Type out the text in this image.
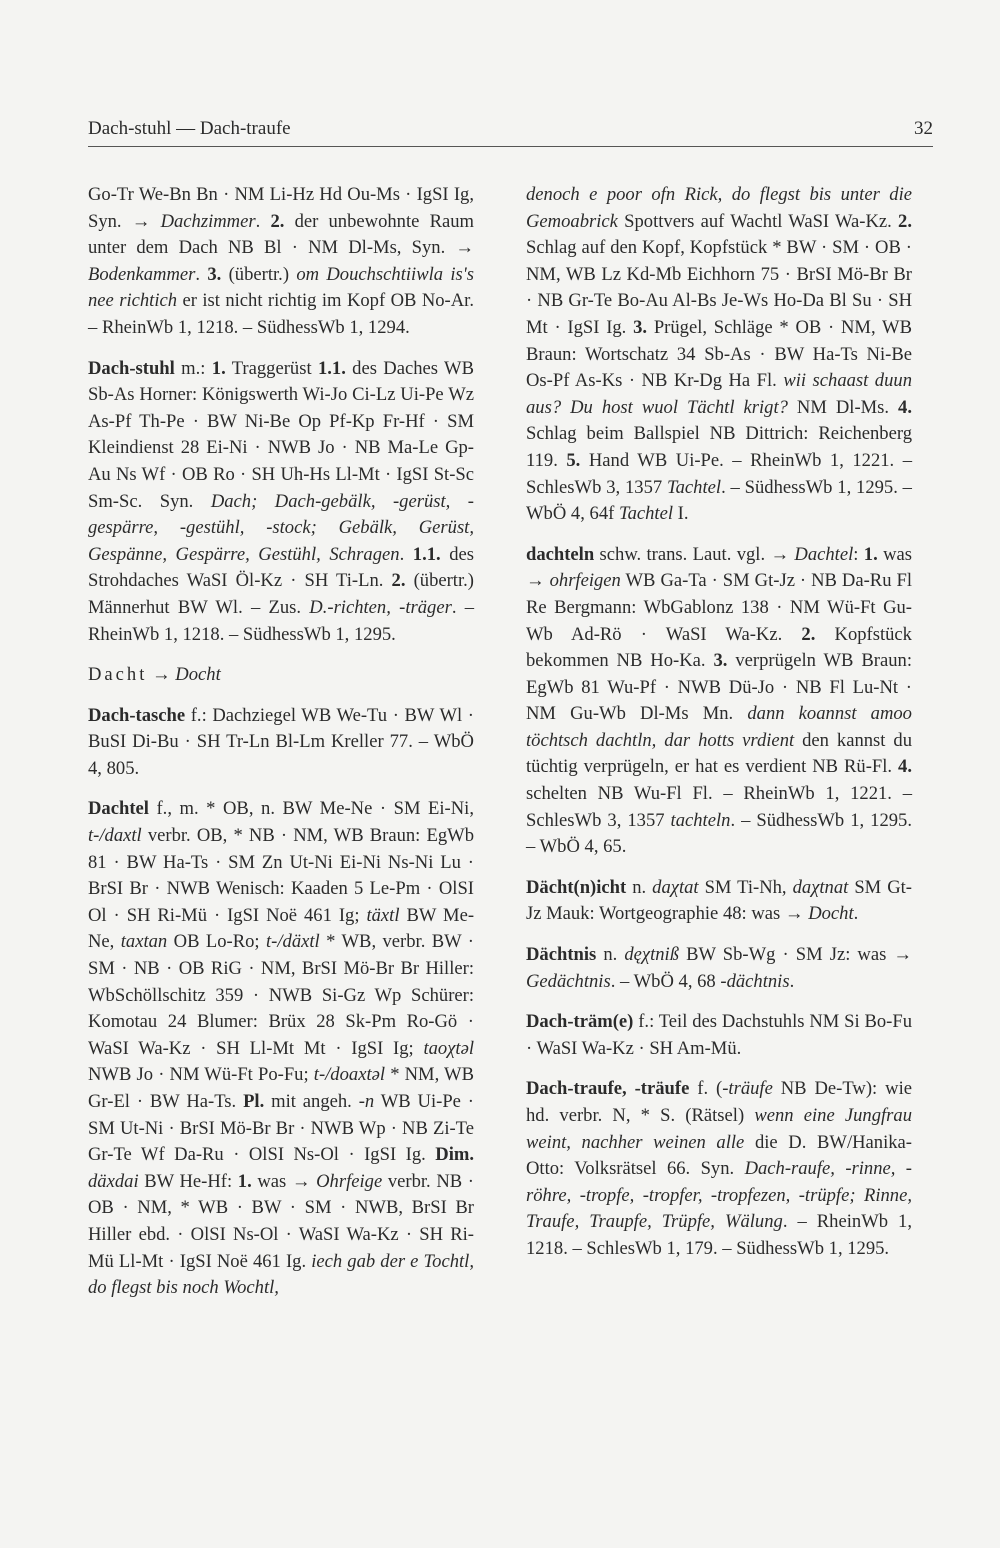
Dach-stuhl — Dach-traufe	32
Go-Tr We-Bn Bn · NM Li-Hz Hd Ou-Ms · IgSI Ig, Syn. → Dachzimmer. 2. der unbewohnte Raum unter dem Dach NB Bl · NM Dl-Ms, Syn. → Bodenkammer. 3. (übertr.) om Douchschtiiwla is's nee richtich er ist nicht richtig im Kopf OB No-Ar. – RheinWb 1, 1218. – SüdhessWb 1, 1294.
Dach-stuhl m.: 1. Traggerüst 1.1. des Daches WB Sb-As Horner: Königswerth Wi-Jo Ci-Lz Ui-Pe Wz As-Pf Th-Pe · BW Ni-Be Op Pf-Kp Fr-Hf · SM Kleindienst 28 Ei-Ni · NWB Jo · NB Ma-Le Gp-Au Ns Wf · OB Ro · SH Uh-Hs Ll-Mt · IgSI St-Sc Sm-Sc. Syn. Dach; Dach-gebälk, -gerüst, -gespärre, -gestühl, -stock; Gebälk, Gerüst, Gespänne, Gespärre, Gestühl, Schragen. 1.1. des Strohdaches WaSI Öl-Kz · SH Ti-Ln. 2. (übertr.) Männerhut BW Wl. – Zus. D.-richten, -träger. – RheinWb 1, 1218. – SüdhessWb 1, 1295.
Dacht → Docht
Dach-tasche f.: Dachziegel WB We-Tu · BW Wl · BuSI Di-Bu · SH Tr-Ln Bl-Lm Kreller 77. – WbÖ 4, 805.
Dachtel f., m. * OB, n. BW Me-Ne · SM Ei-Ni, t-/daxtl verbr. OB, * NB · NM, WB Braun: EgWb 81 · BW Ha-Ts · SM Zn Ut-Ni Ei-Ni Ns-Ni Lu · BrSI Br · NWB Wenisch: Kaaden 5 Le-Pm · OlSI Ol · SH Ri-Mü · IgSI Noë 461 Ig; täxtl BW Me-Ne, taxtan OB Lo-Ro; t-/däxtl * WB, verbr. BW · SM · NB · OB RiG · NM, BrSI Mö-Br Br Hiller: WbSchöllschitz 359 · NWB Si-Gz Wp Schürer: Komotau 24 Blumer: Brüx 28 Sk-Pm Ro-Gö · WaSI Wa-Kz · SH Ll-Mt Mt · IgSI Ig; taoχtəl NWB Jo · NM Wü-Ft Po-Fu; t-/doaxtəl * NM, WB Gr-El · BW Ha-Ts. Pl. mit angeh. -n WB Ui-Pe · SM Ut-Ni · BrSI Mö-Br Br · NWB Wp · NB Zi-Te Gr-Te Wf Da-Ru · OlSI Ns-Ol · IgSI Ig. Dim. däxdai BW He-Hf: 1. was → Ohrfeige verbr. NB · OB · NM, * WB · BW · SM · NWB, BrSI Br Hiller ebd. · OlSI Ns-Ol · WaSI Wa-Kz · SH Ri-Mü Ll-Mt · IgSI Noë 461 Ig. iech gab der e Tochtl, do flegst bis noch Wochtl,
denoch e poor ofn Rick, do flegst bis unter die Gemoabrick Spottvers auf Wachtl WaSI Wa-Kz. 2. Schlag auf den Kopf, Kopfstück * BW · SM · OB · NM, WB Lz Kd-Mb Eichhorn 75 · BrSI Mö-Br Br · NB Gr-Te Bo-Au Al-Bs Je-Ws Ho-Da Bl Su · SH Mt · IgSI Ig. 3. Prügel, Schläge * OB · NM, WB Braun: Wortschatz 34 Sb-As · BW Ha-Ts Ni-Be Os-Pf As-Ks · NB Kr-Dg Ha Fl. wii schaast duun aus? Du host wuol Tächtl krigt? NM Dl-Ms. 4. Schlag beim Ballspiel NB Dittrich: Reichenberg 119. 5. Hand WB Ui-Pe. – RheinWb 1, 1221. – SchlesWb 3, 1357 Tachtel. – SüdhessWb 1, 1295. – WbÖ 4, 64f Tachtel I.
dachteln schw. trans. Laut. vgl. → Dachtel: 1. was → ohrfeigen WB Ga-Ta · SM Gt-Jz · NB Da-Ru Fl Re Bergmann: WbGablonz 138 · NM Wü-Ft Gu-Wb Ad-Rö · WaSI Wa-Kz. 2. Kopfstück bekommen NB Ho-Ka. 3. verprügeln WB Braun: EgWb 81 Wu-Pf · NWB Dü-Jo · NB Fl Lu-Nt · NM Gu-Wb Dl-Ms Mn. dann koannst amoo töchtsch dachtln, dar hotts vrdient den kannst du tüchtig verprügeln, er hat es verdient NB Rü-Fl. 4. schelten NB Wu-Fl Fl. – RheinWb 1, 1221. – SchlesWb 3, 1357 tachteln. – SüdhessWb 1, 1295. – WbÖ 4, 65.
Dächt(n)icht n. daχtat SM Ti-Nh, daχtnat SM Gt-Jz Mauk: Wortgeographie 48: was → Docht.
Dächtnis n. dęχtniß BW Sb-Wg · SM Jz: was → Gedächtnis. – WbÖ 4, 68 -dächtnis.
Dach-träm(e) f.: Teil des Dachstuhls NM Si Bo-Fu · WaSI Wa-Kz · SH Am-Mü.
Dach-traufe, -träufe f. (-träufe NB De-Tw): wie hd. verbr. N, * S. (Rätsel) wenn eine Jungfrau weint, nachher weinen alle die D. BW/Hanika-Otto: Volksrätsel 66. Syn. Dach-raufe, -rinne, -röhre, -tropfe, -tropfer, -tropfezen, -trüpfe; Rinne, Traufe, Traupfe, Trüpfe, Wälung. – RheinWb 1, 1218. – SchlesWb 1, 179. – SüdhessWb 1, 1295.
